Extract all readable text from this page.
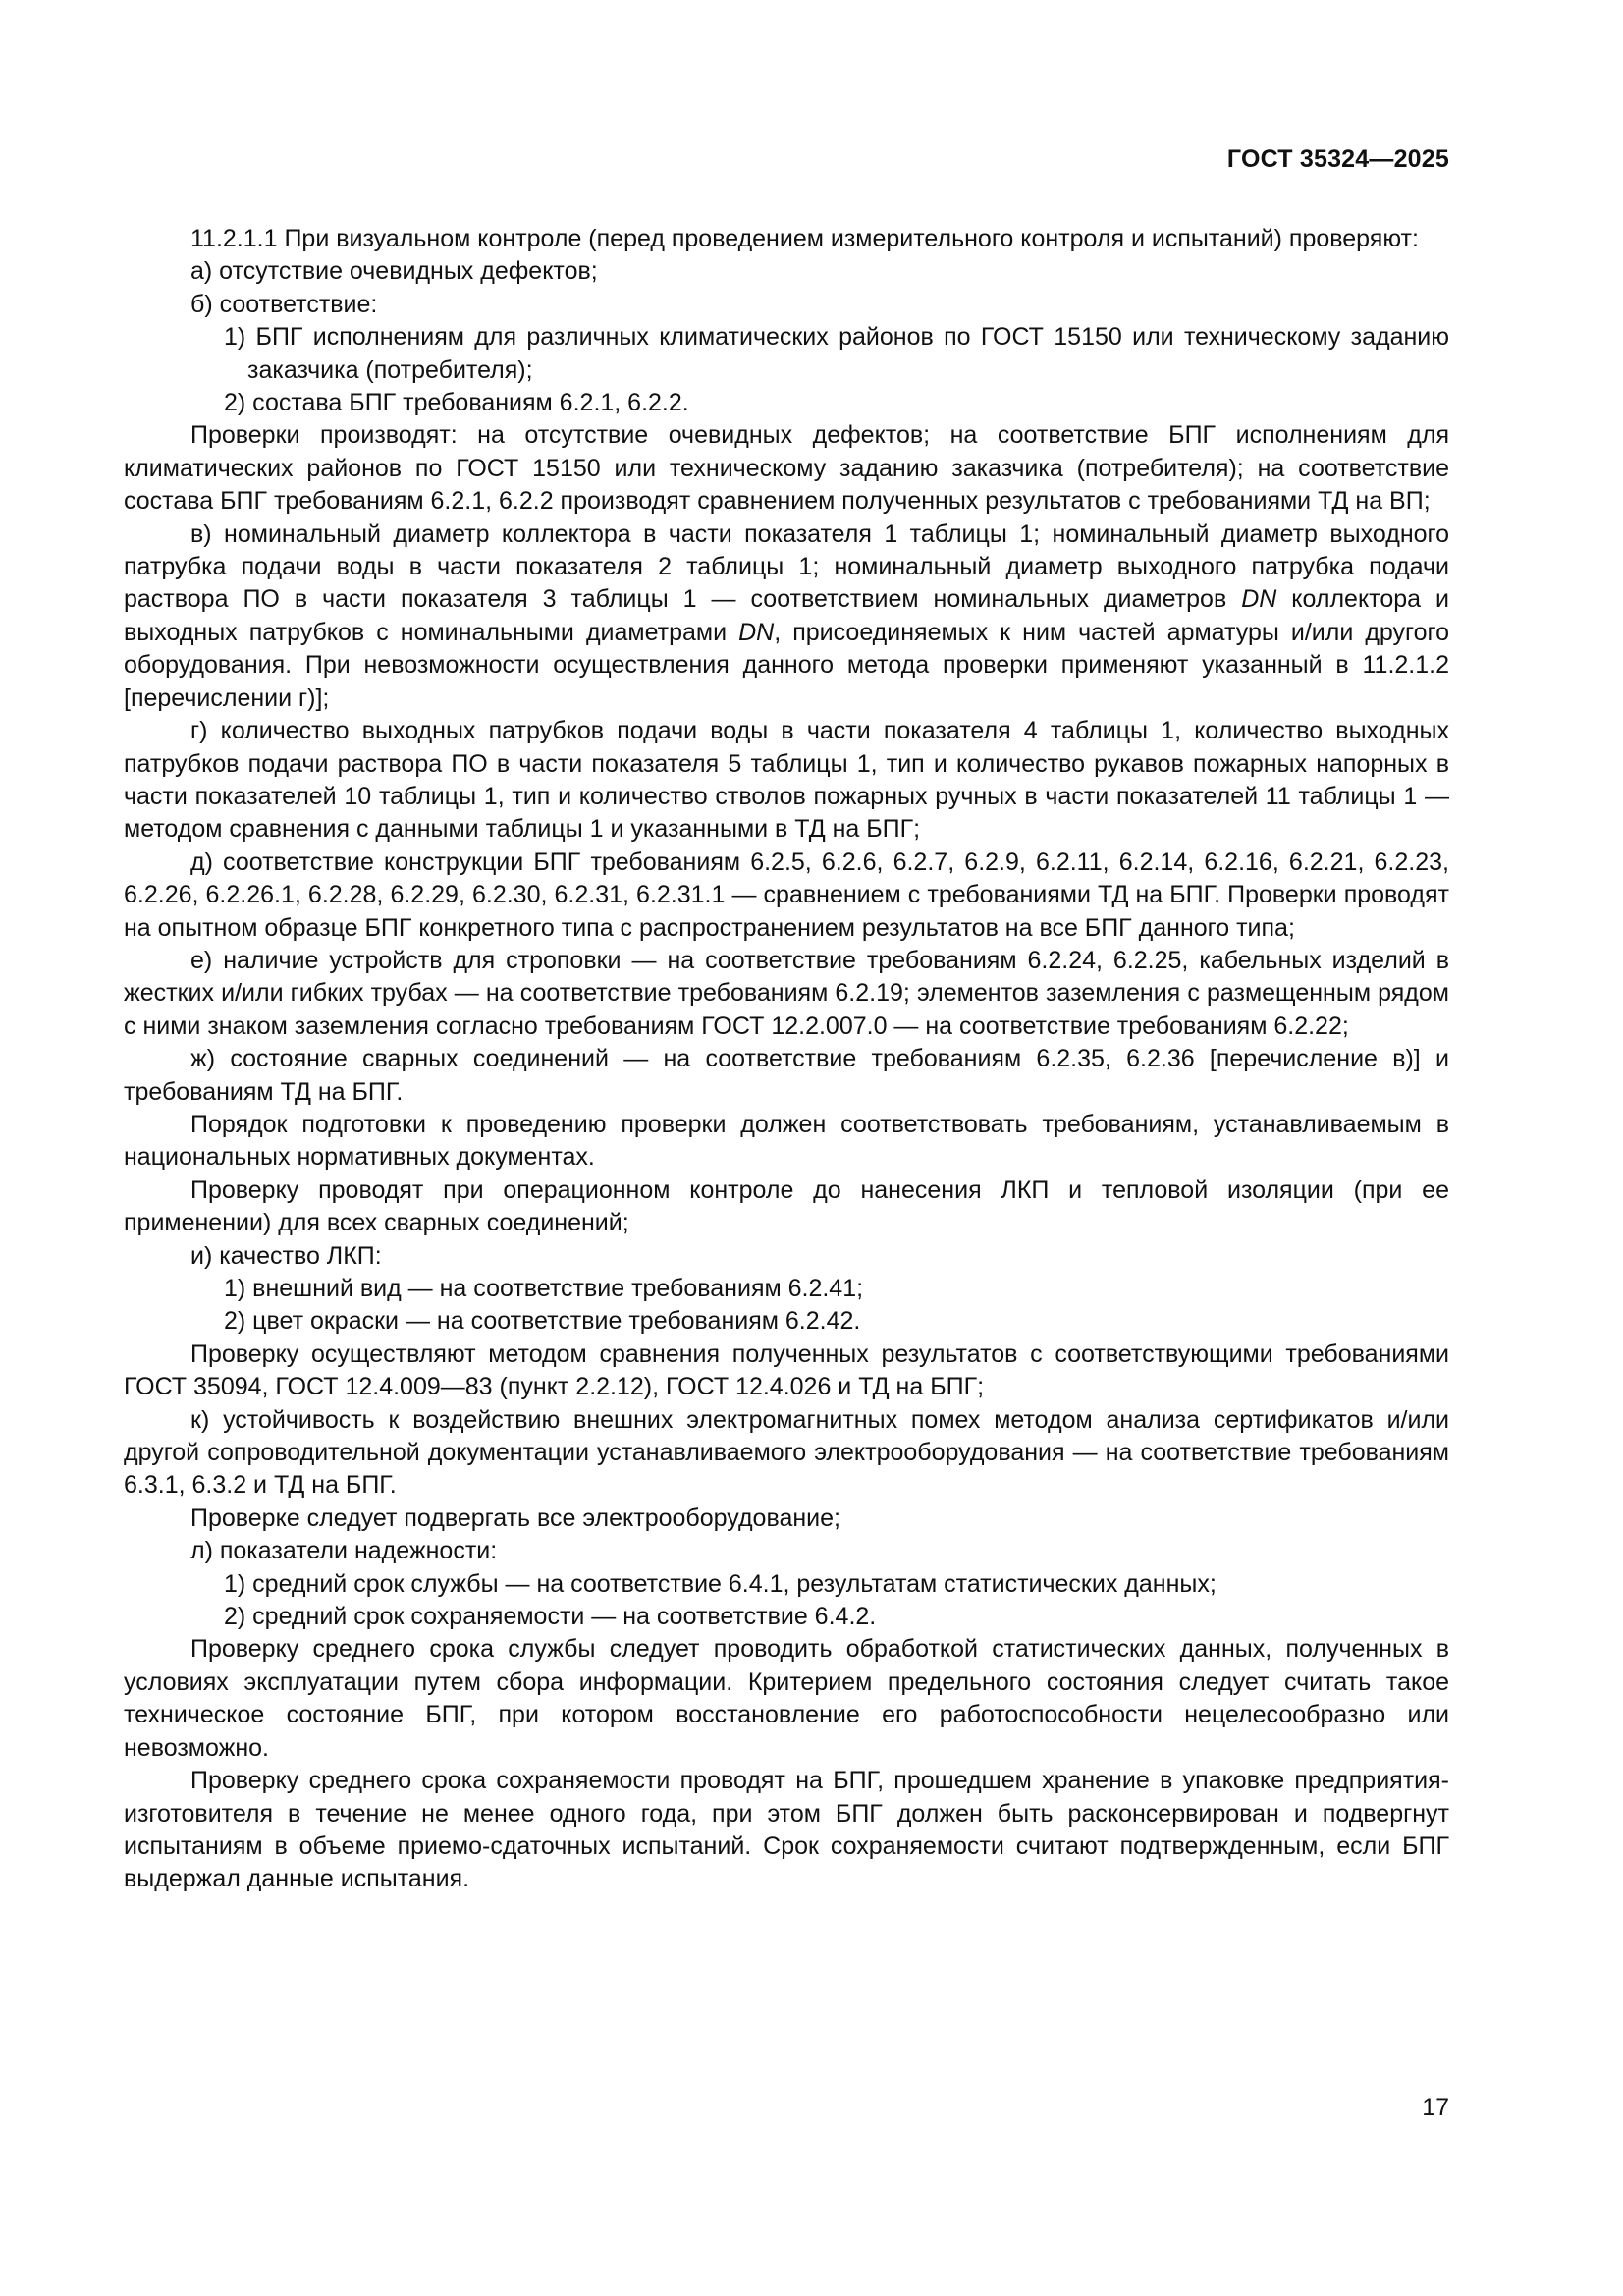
ГОСТ 35324—2025

11.2.1.1 При визуальном контроле (перед проведением измерительного контроля и испытаний) проверяют:

а) отсутствие очевидных дефектов;

б) соответствие:

1) БПГ исполнениям для различных климатических районов по ГОСТ 15150 или техническому заданию заказчика (потребителя);

2) состава БПГ требованиям 6.2.1, 6.2.2.

Проверки производят: на отсутствие очевидных дефектов; на соответствие БПГ исполнениям для климатических районов по ГОСТ 15150 или техническому заданию заказчика (потребителя); на соответствие состава БПГ требованиям 6.2.1, 6.2.2 производят сравнением полученных результатов с требованиями ТД на ВП;

в) номинальный диаметр коллектора в части показателя 1 таблицы 1; номинальный диаметр выходного патрубка подачи воды в части показателя 2 таблицы 1; номинальный диаметр выходного патрубка подачи раствора ПО в части показателя 3 таблицы 1 — соответствием номинальных диаметров DN коллектора и выходных патрубков с номинальными диаметрами DN, присоединяемых к ним частей арматуры и/или другого оборудования. При невозможности осуществления данного метода проверки применяют указанный в 11.2.1.2 [перечислении г)];

г) количество выходных патрубков подачи воды в части показателя 4 таблицы 1, количество выходных патрубков подачи раствора ПО в части показателя 5 таблицы 1, тип и количество рукавов пожарных напорных в части показателей 10 таблицы 1, тип и количество стволов пожарных ручных в части показателей 11 таблицы 1 — методом сравнения с данными таблицы 1 и указанными в ТД на БПГ;

д) соответствие конструкции БПГ требованиям 6.2.5, 6.2.6, 6.2.7, 6.2.9, 6.2.11, 6.2.14, 6.2.16, 6.2.21, 6.2.23, 6.2.26, 6.2.26.1, 6.2.28, 6.2.29, 6.2.30, 6.2.31, 6.2.31.1 — сравнением с требованиями ТД на БПГ. Проверки проводят на опытном образце БПГ конкретного типа с распространением результатов на все БПГ данного типа;

е) наличие устройств для строповки — на соответствие требованиям 6.2.24, 6.2.25, кабельных изделий в жестких и/или гибких трубах — на соответствие требованиям 6.2.19; элементов заземления с размещенным рядом с ними знаком заземления согласно требованиям ГОСТ 12.2.007.0 — на соответствие требованиям 6.2.22;

ж) состояние сварных соединений — на соответствие требованиям 6.2.35, 6.2.36 [перечисление в)] и требованиям ТД на БПГ.

Порядок подготовки к проведению проверки должен соответствовать требованиям, устанавливаемым в национальных нормативных документах.

Проверку проводят при операционном контроле до нанесения ЛКП и тепловой изоляции (при ее применении) для всех сварных соединений;

и) качество ЛКП:

1) внешний вид — на соответствие требованиям 6.2.41;

2) цвет окраски — на соответствие требованиям 6.2.42.

Проверку осуществляют методом сравнения полученных результатов с соответствующими требованиями ГОСТ 35094, ГОСТ 12.4.009—83 (пункт 2.2.12), ГОСТ 12.4.026 и ТД на БПГ;

к) устойчивость к воздействию внешних электромагнитных помех методом анализа сертификатов и/или другой сопроводительной документации устанавливаемого электрооборудования — на соответствие требованиям 6.3.1, 6.3.2 и ТД на БПГ.

Проверке следует подвергать все электрооборудование;

л) показатели надежности:

1) средний срок службы — на соответствие 6.4.1, результатам статистических данных;

2) средний срок сохраняемости — на соответствие 6.4.2.

Проверку среднего срока службы следует проводить обработкой статистических данных, полученных в условиях эксплуатации путем сбора информации. Критерием предельного состояния следует считать такое техническое состояние БПГ, при котором восстановление его работоспособности нецелесообразно или невозможно.

Проверку среднего срока сохраняемости проводят на БПГ, прошедшем хранение в упаковке предприятия-изготовителя в течение не менее одного года, при этом БПГ должен быть расконсервирован и подвергнут испытаниям в объеме приемо-сдаточных испытаний. Срок сохраняемости считают подтвержденным, если БПГ выдержал данные испытания.

17
